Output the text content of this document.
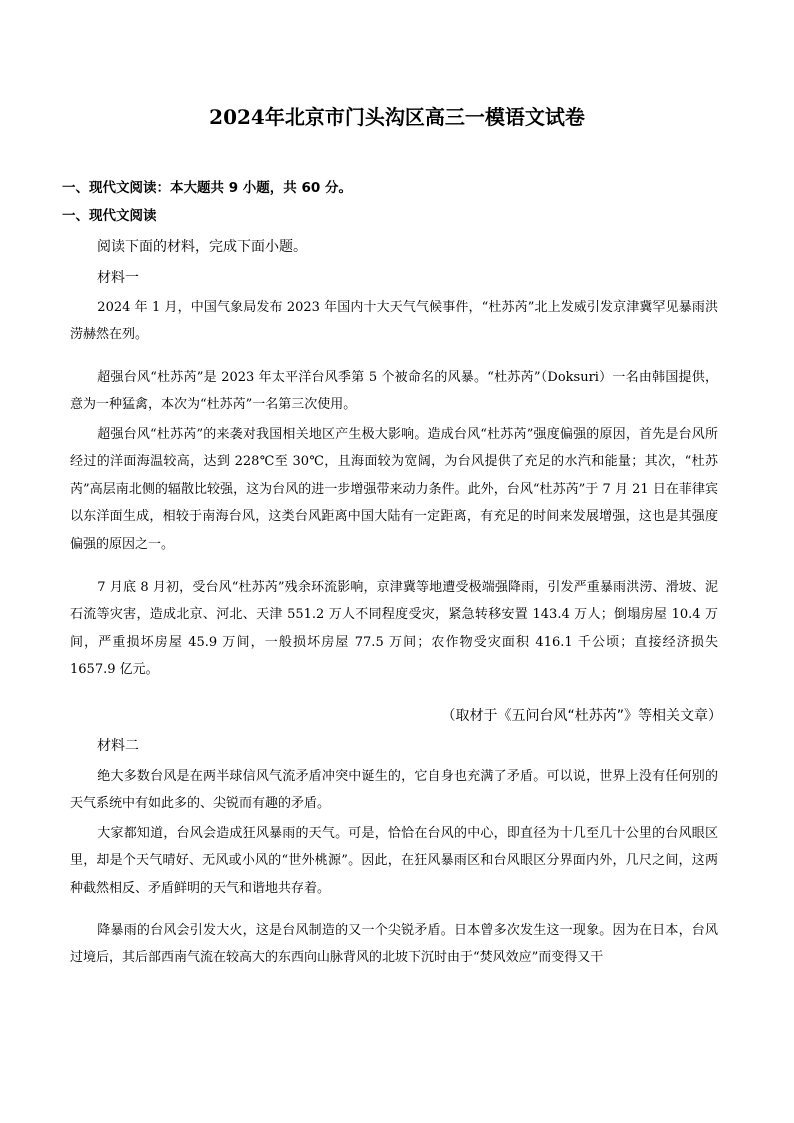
2024年北京市门头沟区高三一模语文试卷
一、现代文阅读：本大题共 9 小题，共 60 分。
一、现代文阅读
阅读下面的材料，完成下面小题。
材料一

2024 年 1 月，中国气象局发布 2023 年国内十大天气气候事件，“杜苏芮”北上发威引发京津冀罕见暴雨洪涝赫然在列。

超强台风“杜苏芮”是 2023 年太平洋台风季第 5 个被命名的风暴。“杜苏芮”（Doksuri）一名由韩国提供，意为一种猛禽，本次为“杜苏芮”一名第三次使用。

超强台风“杜苏芮”的来袭对我国相关地区产生极大影响。造成台风“杜苏芮”强度偏强的原因，首先是台风所经过的洋面海温较高，达到 228℃至 30℃，且海面较为宽阔，为台风提供了充足的水汽和能量；其次，“杜苏芮”高层南北侧的辐散比较强，这为台风的进一步增强带来动力条件。此外，台风“杜苏芮”于 7 月 21 日在菲律宾以东洋面生成，相较于南海台风，这类台风距离中国大陆有一定距离，有充足的时间来发展增强，这也是其强度偏强的原因之一。

7 月底 8 月初，受台风“杜苏芮”残余环流影响，京津冀等地遭受极端强降雨，引发严重暴雨洪涝、滑坡、泥石流等灾害，造成北京、河北、天津 551.2 万人不同程度受灾，紧急转移安置 143.4 万人；倒塌房屋 10.4 万间，严重损坏房屋 45.9 万间，一般损坏房屋 77.5 万间；农作物受灾面积 416.1 千公顷；直接经济损失 1657.9 亿元。

（取材于《五问台风“杜苏芮”》等相关文章）
材料二

绝大多数台风是在两半球信风气流矛盾冲突中诞生的，它自身也充满了矛盾。可以说，世界上没有任何别的天气系统中有如此多的、尖锐而有趣的矛盾。

大家都知道，台风会造成狂风暴雨的天气。可是，恰恰在台风的中心，即直径为十几至几十公里的台风眼区里，却是个天气晴好、无风或小风的“世外桃源”。因此，在狂风暴雨区和台风眼区分界面内外，几尺之间，这两种截然相反、矛盾鲜明的天气和谐地共存着。

降暴雨的台风会引发大火，这是台风制造的又一个尖锐矛盾。日本曾多次发生这一现象。因为在日本，台风过境后，其后部西南气流在较高大的东西向山脉背风的北坡下沉时由于“焚风效应”而变得又干
